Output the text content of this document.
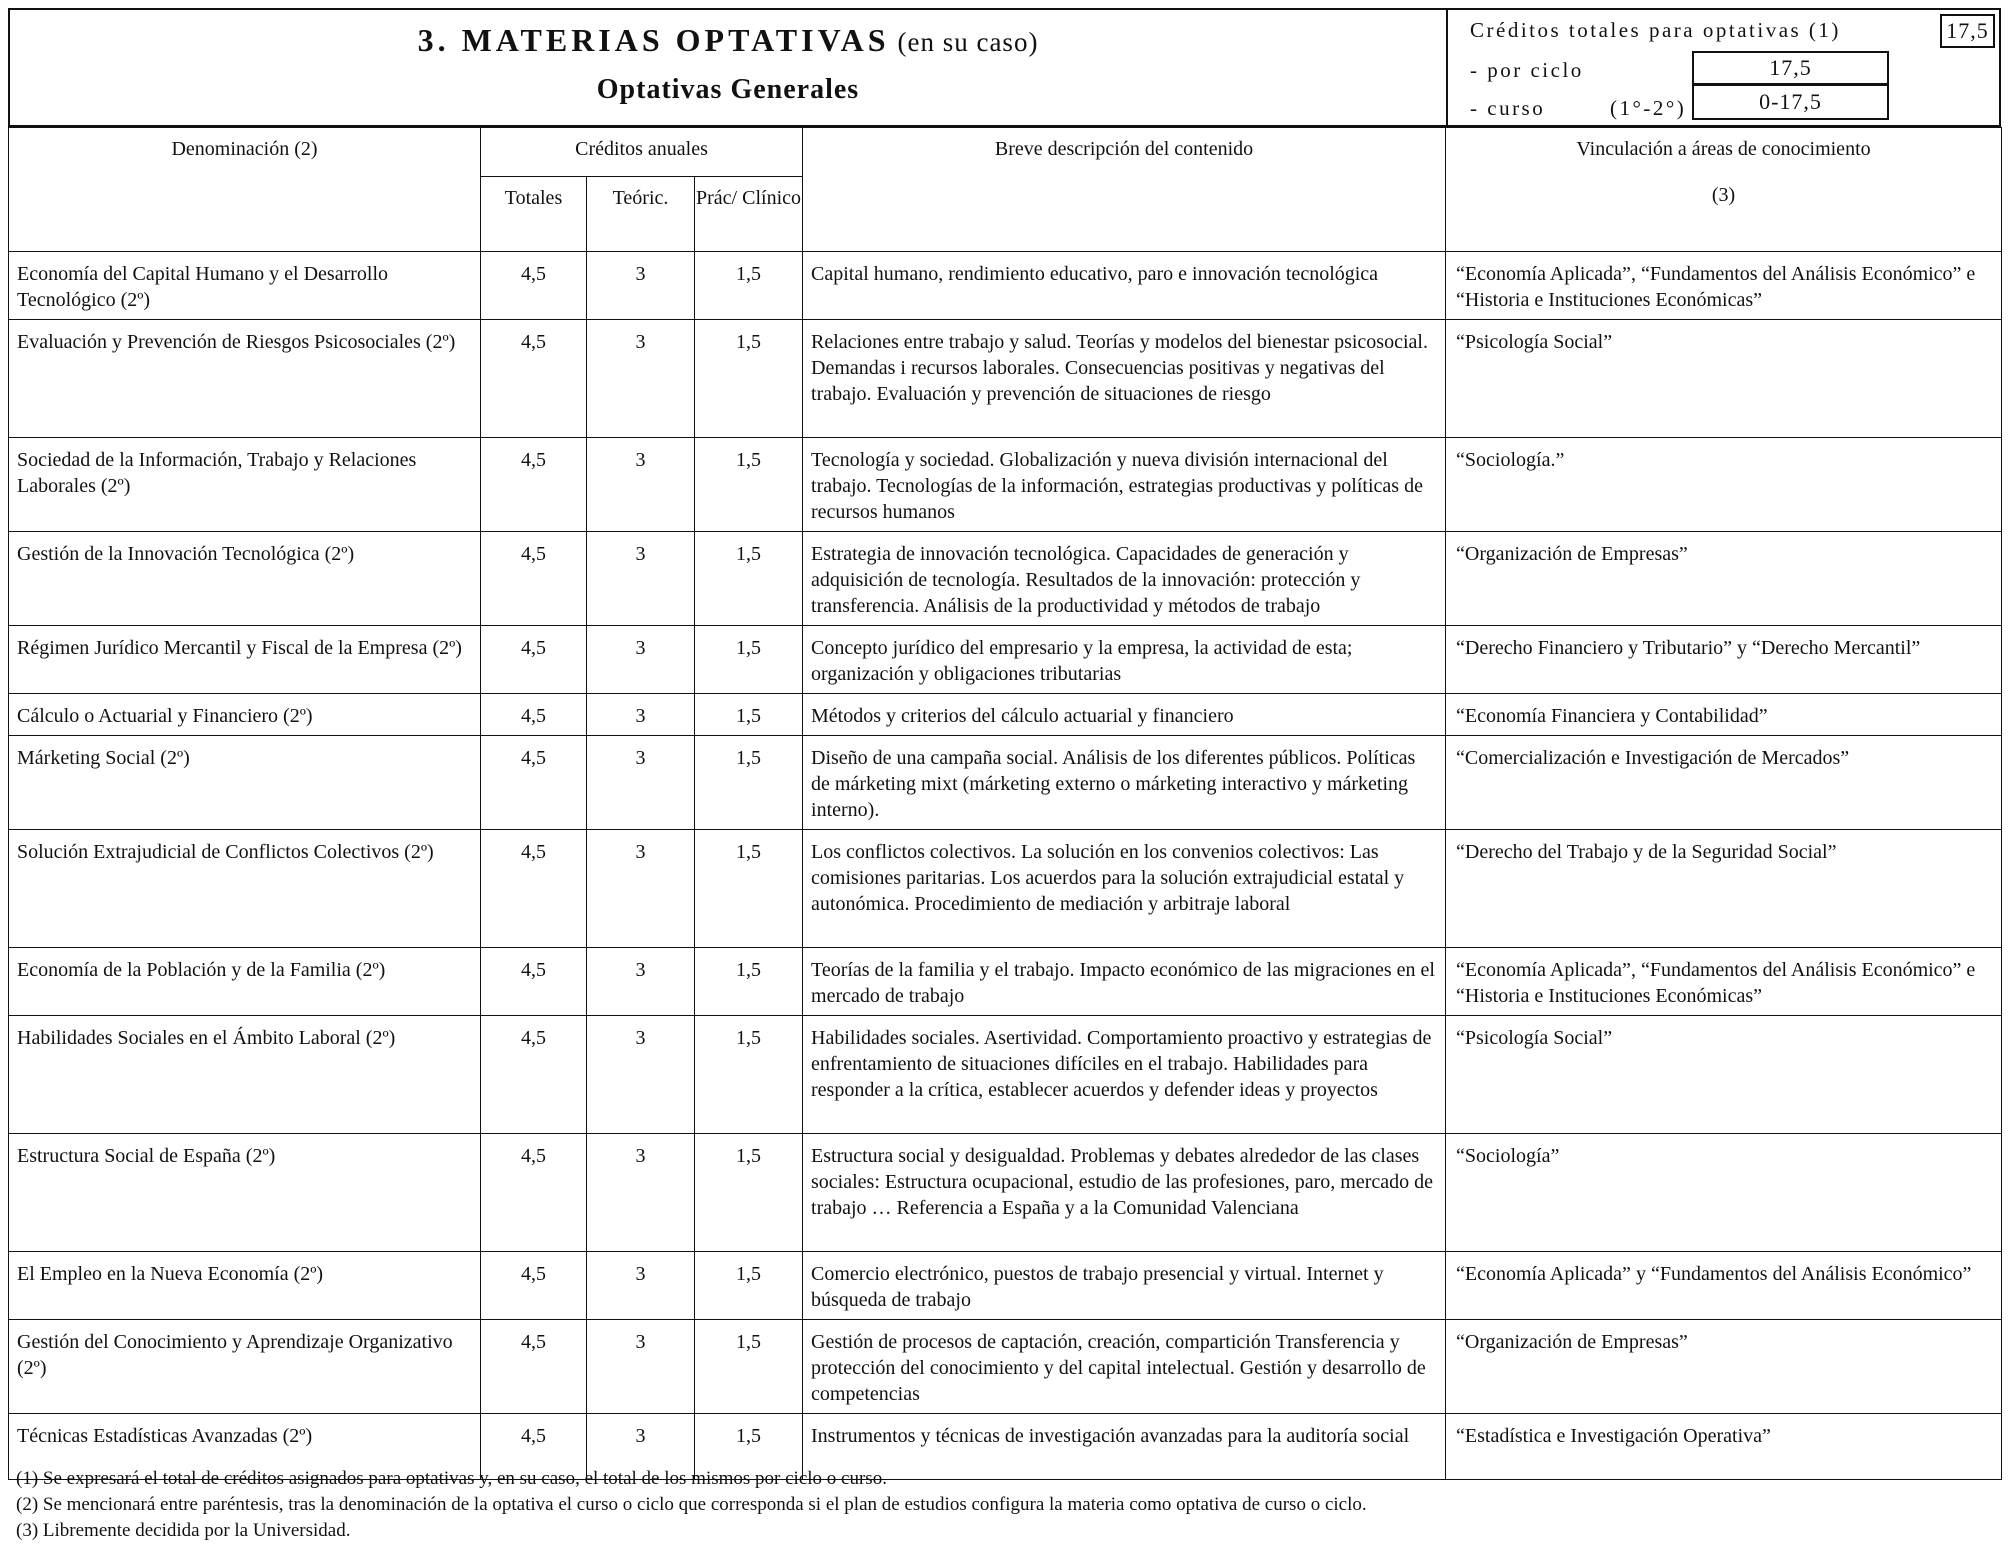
3. MATERIAS OPTATIVAS (en su caso)
Optativas Generales
Créditos totales para optativas (1)	17,5
- por ciclo	17,5
- curso	(1°-2°)	0-17,5
Denominación (2)	Créditos anuales			Breve descripción del contenido	Vinculación a áreas de conocimiento
(3)

	Totales	Teóric.	Prác/ Clínico		
Economía del Capital Humano y el Desarrollo Tecnológico (2º)	4,5	3	1,5	Capital humano, rendimiento educativo, paro e innovación tecnológica	“Economía Aplicada”, “Fundamentos del Análisis Económico” e “Historia e Instituciones Económicas”
Evaluación y Prevención de Riesgos Psicosociales (2º)	4,5	3	1,5	Relaciones entre trabajo y salud. Teorías y modelos del bienestar psicosocial. Demandas i recursos laborales. Consecuencias positivas y negativas del trabajo. Evaluación y prevención de situaciones de riesgo	“Psicología Social”
Sociedad de la Información, Trabajo y Relaciones Laborales (2º)	4,5	3	1,5	Tecnología y sociedad. Globalización y nueva división internacional del trabajo. Tecnologías de la información, estrategias productivas y políticas de recursos humanos	“Sociología.”
Gestión de la Innovación Tecnológica (2º)	4,5	3	1,5	Estrategia de innovación tecnológica. Capacidades de generación y adquisición de tecnología. Resultados de la innovación: protección y transferencia. Análisis de la productividad y métodos de trabajo	“Organización de Empresas”
Régimen Jurídico Mercantil y Fiscal de la Empresa (2º)	4,5	3	1,5	Concepto jurídico del empresario y la empresa, la actividad de esta; organización y obligaciones tributarias	“Derecho Financiero y Tributario” y “Derecho Mercantil”
Cálculo o Actuarial y Financiero (2º)	4,5	3	1,5	Métodos y criterios del cálculo actuarial y financiero	“Economía Financiera y Contabilidad”
Márketing Social (2º)	4,5	3	1,5	Diseño de una campaña social. Análisis de los diferentes públicos. Políticas de márketing mixt (márketing externo o márketing interactivo y márketing interno).	“Comercialización e Investigación de Mercados”
Solución Extrajudicial de Conflictos Colectivos (2º)	4,5	3	1,5	Los conflictos colectivos. La solución en los convenios colectivos: Las comisiones paritarias. Los acuerdos para la solución extrajudicial estatal y autonómica. Procedimiento de mediación y arbitraje laboral	“Derecho del Trabajo y de la Seguridad Social”
Economía de la Población y de la Familia (2º)	4,5	3	1,5	Teorías de la familia y el trabajo. Impacto económico de las migraciones en el mercado de trabajo	“Economía Aplicada”, “Fundamentos del Análisis Económico” e “Historia e Instituciones Económicas”
Habilidades Sociales en el Ámbito Laboral (2º)	4,5	3	1,5	Habilidades sociales. Asertividad. Comportamiento proactivo y estrategias de enfrentamiento de situaciones difíciles en el trabajo. Habilidades para responder a la crítica, establecer acuerdos y defender ideas y proyectos	“Psicología Social”
Estructura Social de España (2º)	4,5	3	1,5	Estructura social y desigualdad. Problemas y debates alrededor de las clases sociales: Estructura ocupacional, estudio de las profesiones, paro, mercado de trabajo … Referencia a España y a la Comunidad Valenciana	“Sociología”
El Empleo en la Nueva Economía (2º)	4,5	3	1,5	Comercio electrónico, puestos de trabajo presencial y virtual. Internet y búsqueda de trabajo	“Economía Aplicada” y “Fundamentos del Análisis Económico”
Gestión del Conocimiento y Aprendizaje Organizativo (2º)	4,5	3	1,5	Gestión de procesos de captación, creación, compartición Transferencia y protección del conocimiento y del capital intelectual. Gestión y desarrollo de competencias	“Organización de Empresas”
Técnicas Estadísticas Avanzadas (2º)	4,5	3	1,5	Instrumentos y técnicas de investigación avanzadas para la auditoría social	“Estadística e Investigación Operativa”
(1) Se expresará el total de créditos asignados para optativas y, en su caso, el total de los mismos por ciclo o curso.
(2) Se mencionará entre paréntesis, tras la denominación de la optativa el curso o ciclo que corresponda si el plan de estudios configura la materia como optativa de curso o ciclo.
(3) Libremente decidida por la Universidad.
